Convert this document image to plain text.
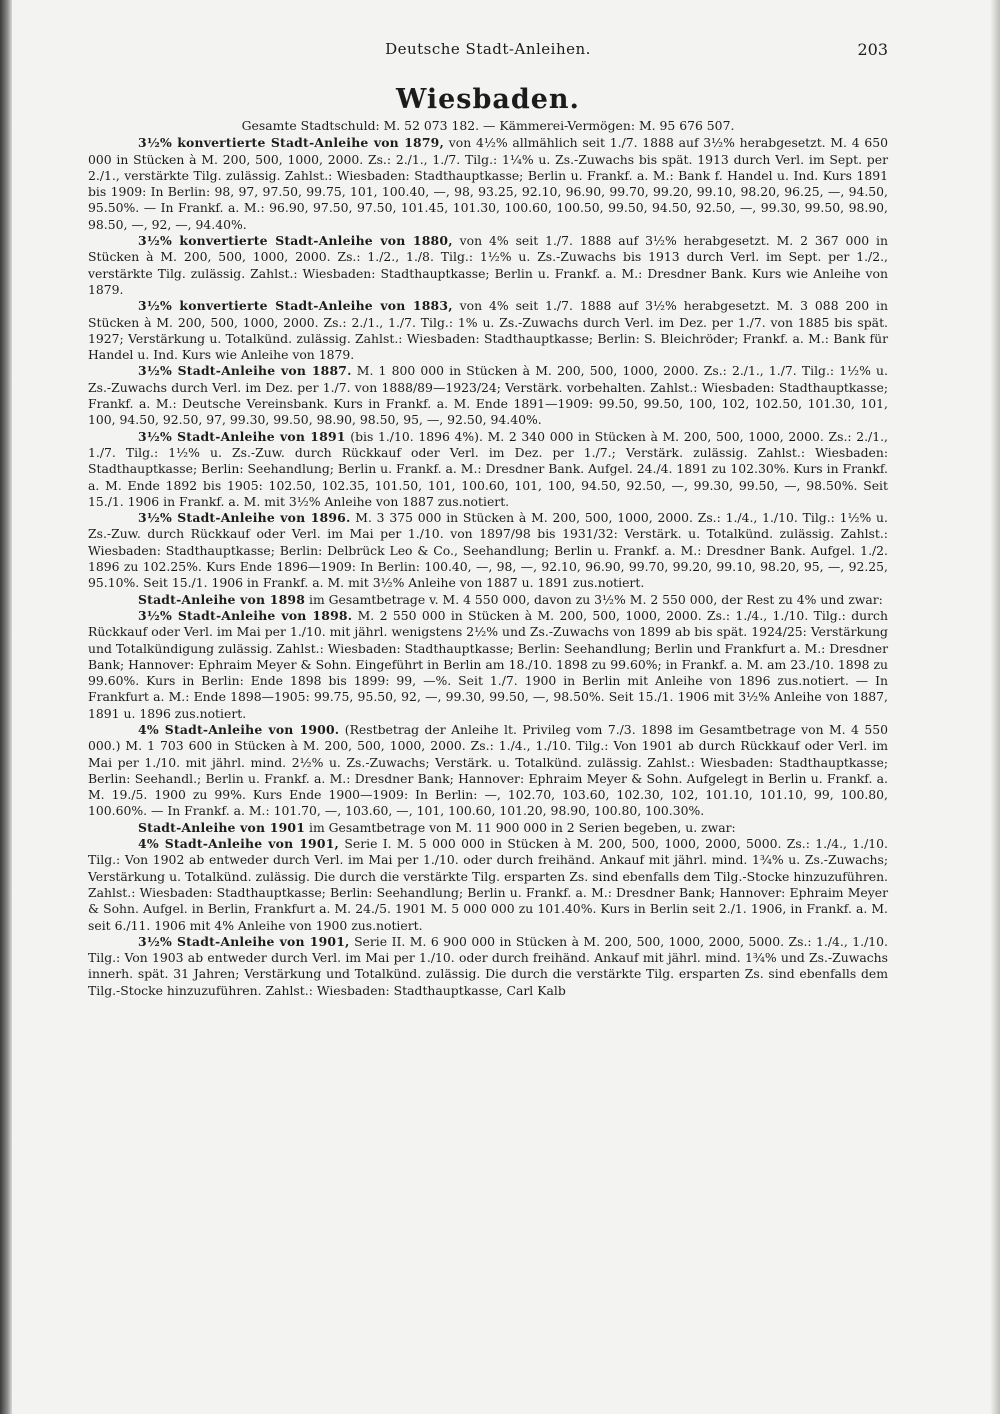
Deutsche Stadt-Anleihen.	203
Wiesbaden.

Gesamte Stadtschuld: M. 52 073 182. — Kämmerei-Vermögen: M. 95 676 507.

3½% konvertierte Stadt-Anleihe von 1879, von 4½% allmählich seit 1./7. 1888 auf 3½% herabgesetzt. M. 4 650 000 in Stücken à M. 200, 500, 1000, 2000. Zs.: 2./1., 1./7. Tilg.: 1¼% u. Zs.-Zuwachs bis spät. 1913 durch Verl. im Sept. per 2./1., verstärkte Tilg. zulässig. Zahlst.: Wiesbaden: Stadthauptkasse; Berlin u. Frankf. a. M.: Bank f. Handel u. Ind. Kurs 1891 bis 1909: In Berlin: 98, 97, 97.50, 99.75, 101, 100.40, —, 98, 93.25, 92.10, 96.90, 99.70, 99.20, 99.10, 98.20, 96.25, —, 94.50, 95.50%. — In Frankf. a. M.: 96.90, 97.50, 97.50, 101.45, 101.30, 100.60, 100.50, 99.50, 94.50, 92.50, —, 99.30, 99.50, 98.90, 98.50, —, 92, —, 94.40%.

3½% konvertierte Stadt-Anleihe von 1880, von 4% seit 1./7. 1888 auf 3½% herabgesetzt. M. 2 367 000 in Stücken à M. 200, 500, 1000, 2000. Zs.: 1./2., 1./8. Tilg.: 1½% u. Zs.-Zuwachs bis 1913 durch Verl. im Sept. per 1./2., verstärkte Tilg. zulässig. Zahlst.: Wiesbaden: Stadthauptkasse; Berlin u. Frankf. a. M.: Dresdner Bank. Kurs wie Anleihe von 1879.

3½% konvertierte Stadt-Anleihe von 1883, von 4% seit 1./7. 1888 auf 3½% herabgesetzt. M. 3 088 200 in Stücken à M. 200, 500, 1000, 2000. Zs.: 2./1., 1./7. Tilg.: 1% u. Zs.-Zuwachs durch Verl. im Dez. per 1./7. von 1885 bis spät. 1927; Verstärkung u. Totalkünd. zulässig. Zahlst.: Wiesbaden: Stadthauptkasse; Berlin: S. Bleichröder; Frankf. a. M.: Bank für Handel u. Ind. Kurs wie Anleihe von 1879.

3½% Stadt-Anleihe von 1887. M. 1 800 000 in Stücken à M. 200, 500, 1000, 2000. Zs.: 2./1., 1./7. Tilg.: 1½% u. Zs.-Zuwachs durch Verl. im Dez. per 1./7. von 1888/89—1923/24; Verstärk. vorbehalten. Zahlst.: Wiesbaden: Stadthauptkasse; Frankf. a. M.: Deutsche Vereinsbank. Kurs in Frankf. a. M. Ende 1891—1909: 99.50, 99.50, 100, 102, 102.50, 101.30, 101, 100, 94.50, 92.50, 97, 99.30, 99.50, 98.90, 98.50, 95, —, 92.50, 94.40%.

3½% Stadt-Anleihe von 1891 (bis 1./10. 1896 4%). M. 2 340 000 in Stücken à M. 200, 500, 1000, 2000. Zs.: 2./1., 1./7. Tilg.: 1½% u. Zs.-Zuw. durch Rückkauf oder Verl. im Dez. per 1./7.; Verstärk. zulässig. Zahlst.: Wiesbaden: Stadthauptkasse; Berlin: Seehandlung; Berlin u. Frankf. a. M.: Dresdner Bank. Aufgel. 24./4. 1891 zu 102.30%. Kurs in Frankf. a. M. Ende 1892 bis 1905: 102.50, 102.35, 101.50, 101, 100.60, 101, 100, 94.50, 92.50, —, 99.30, 99.50, —, 98.50%. Seit 15./1. 1906 in Frankf. a. M. mit 3½% Anleihe von 1887 zus.notiert.

3½% Stadt-Anleihe von 1896. M. 3 375 000 in Stücken à M. 200, 500, 1000, 2000. Zs.: 1./4., 1./10. Tilg.: 1½% u. Zs.-Zuw. durch Rückkauf oder Verl. im Mai per 1./10. von 1897/98 bis 1931/32: Verstärk. u. Totalkünd. zulässig. Zahlst.: Wiesbaden: Stadthauptkasse; Berlin: Delbrück Leo & Co., Seehandlung; Berlin u. Frankf. a. M.: Dresdner Bank. Aufgel. 1./2. 1896 zu 102.25%. Kurs Ende 1896—1909: In Berlin: 100.40, —, 98, —, 92.10, 96.90, 99.70, 99.20, 99.10, 98.20, 95, —, 92.25, 95.10%. Seit 15./1. 1906 in Frankf. a. M. mit 3½% Anleihe von 1887 u. 1891 zus.notiert.

Stadt-Anleihe von 1898 im Gesamtbetrage v. M. 4 550 000, davon zu 3½% M. 2 550 000, der Rest zu 4% und zwar:

3½% Stadt-Anleihe von 1898. M. 2 550 000 in Stücken à M. 200, 500, 1000, 2000. Zs.: 1./4., 1./10. Tilg.: durch Rückkauf oder Verl. im Mai per 1./10. mit jährl. wenigstens 2½% und Zs.-Zuwachs von 1899 ab bis spät. 1924/25: Verstärkung und Totalkündigung zulässig. Zahlst.: Wiesbaden: Stadthauptkasse; Berlin: Seehandlung; Berlin und Frankfurt a. M.: Dresdner Bank; Hannover: Ephraim Meyer & Sohn. Eingeführt in Berlin am 18./10. 1898 zu 99.60%; in Frankf. a. M. am 23./10. 1898 zu 99.60%. Kurs in Berlin: Ende 1898 bis 1899: 99, —%. Seit 1./7. 1900 in Berlin mit Anleihe von 1896 zus.notiert. — In Frankfurt a. M.: Ende 1898—1905: 99.75, 95.50, 92, —, 99.30, 99.50, —, 98.50%. Seit 15./1. 1906 mit 3½% Anleihe von 1887, 1891 u. 1896 zus.notiert.

4% Stadt-Anleihe von 1900. (Restbetrag der Anleihe lt. Privileg vom 7./3. 1898 im Gesamtbetrage von M. 4 550 000.) M. 1 703 600 in Stücken à M. 200, 500, 1000, 2000. Zs.: 1./4., 1./10. Tilg.: Von 1901 ab durch Rückkauf oder Verl. im Mai per 1./10. mit jährl. mind. 2½% u. Zs.-Zuwachs; Verstärk. u. Totalkünd. zulässig. Zahlst.: Wiesbaden: Stadthauptkasse; Berlin: Seehandl.; Berlin u. Frankf. a. M.: Dresdner Bank; Hannover: Ephraim Meyer & Sohn. Aufgelegt in Berlin u. Frankf. a. M. 19./5. 1900 zu 99%. Kurs Ende 1900—1909: In Berlin: —, 102.70, 103.60, 102.30, 102, 101.10, 101.10, 99, 100.80, 100.60%. — In Frankf. a. M.: 101.70, —, 103.60, —, 101, 100.60, 101.20, 98.90, 100.80, 100.30%.

Stadt-Anleihe von 1901 im Gesamtbetrage von M. 11 900 000 in 2 Serien begeben, u. zwar:

4% Stadt-Anleihe von 1901, Serie I. M. 5 000 000 in Stücken à M. 200, 500, 1000, 2000, 5000. Zs.: 1./4., 1./10. Tilg.: Von 1902 ab entweder durch Verl. im Mai per 1./10. oder durch freihänd. Ankauf mit jährl. mind. 1¾% u. Zs.-Zuwachs; Verstärkung u. Totalkünd. zulässig. Die durch die verstärkte Tilg. ersparten Zs. sind ebenfalls dem Tilg.-Stocke hinzuzuführen. Zahlst.: Wiesbaden: Stadthauptkasse; Berlin: Seehandlung; Berlin u. Frankf. a. M.: Dresdner Bank; Hannover: Ephraim Meyer & Sohn. Aufgel. in Berlin, Frankfurt a. M. 24./5. 1901 M. 5 000 000 zu 101.40%. Kurs in Berlin seit 2./1. 1906, in Frankf. a. M. seit 6./11. 1906 mit 4% Anleihe von 1900 zus.notiert.

3½% Stadt-Anleihe von 1901, Serie II. M. 6 900 000 in Stücken à M. 200, 500, 1000, 2000, 5000. Zs.: 1./4., 1./10. Tilg.: Von 1903 ab entweder durch Verl. im Mai per 1./10. oder durch freihänd. Ankauf mit jährl. mind. 1¾% und Zs.-Zuwachs innerh. spät. 31 Jahren; Verstärkung und Totalkünd. zulässig. Die durch die verstärkte Tilg. ersparten Zs. sind ebenfalls dem Tilg.-Stocke hinzuzuführen. Zahlst.: Wiesbaden: Stadthauptkasse, Carl Kalb
